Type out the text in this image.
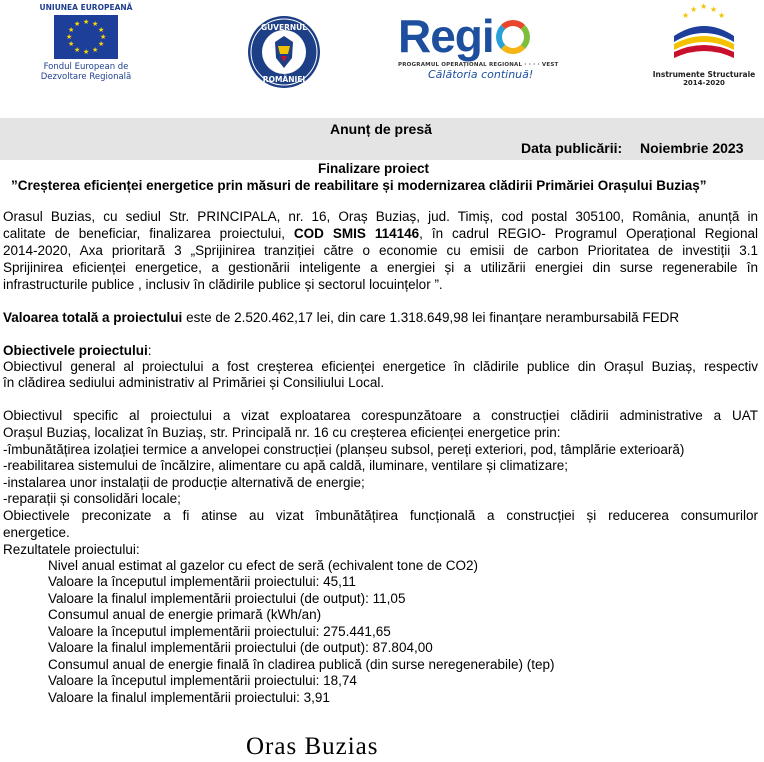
UNIUNEA EUROPEANĂ
★ ★
★
★
★
★
★
★
★
★
★
★
Fondul European de
Dezvoltare Regională
GUVERNUL
ROMÂNIEI
Regi
PROGRAMUL OPERAȚIONAL REGIONAL · · · · VEST
Călătoria continuă!
★ ★ ★
★	★
Instrumente Structurale
2014-2020
Anunț de presă
Data publicării: Noiembrie 2023
Finalizare proiect
”Creșterea eficienței energetice prin măsuri de reabilitare și modernizarea clădirii Primăriei Orașului Buziaș”
Orasul Buzias, cu sediul Str. PRINCIPALA, nr. 16, Oraș Buziaș, jud. Timiș, cod postal 305100, România, anunță in
calitate de beneficiar, finalizarea proiectului, COD SMIS 114146, în cadrul REGIO- Programul Operațional Regional
2014-2020, Axa prioritară 3 „Sprijinirea tranziției către o economie cu emisii de carbon Prioritatea de investiții 3.1
Sprijinirea eficienței energetice, a gestionării inteligente a energiei și a utilizării energiei din surse regenerabile în
infrastructurile publice , inclusiv în clădirile publice și sectorul locuințelor ”.
Valoarea totală a proiectului este de 2.520.462,17 lei, din care 1.318.649,98 lei finanțare nerambursabilă FEDR
Obiectivele proiectului:
Obiectivul general al proiectului a fost creșterea eficienței energetice în clădirile publice din Orașul Buziaș, respectiv
în clădirea sediului administrativ al Primăriei și Consiliului Local.
Obiectivul specific al proiectului a vizat exploatarea corespunzătoare a construcției clădirii administrative a UAT
Orașul Buziaș, localizat în Buziaș, str. Principală nr. 16 cu creșterea eficienței energetice prin:
-îmbunătățirea izolației termice a anvelopei construcției (planșeu subsol, pereți exteriori, pod, tâmplărie exterioară)
-reabilitarea sistemului de încălzire, alimentare cu apă caldă, iluminare, ventilare și climatizare;
-instalarea unor instalații de producție alternativă de energie;
-reparații și consolidări locale;
Obiectivele preconizate a fi atinse au vizat îmbunătățirea funcțională a construcției și reducerea consumurilor
energetice.
Rezultatele proiectului:
Nivel anual estimat al gazelor cu efect de seră (echivalent tone de CO2)
Valoare la începutul implementării proiectului: 45,11
Valoare la finalul implementării proiectului (de output): 11,05
Consumul anual de energie primară (kWh/an)
Valoare la începutul implementării proiectului: 275.441,65
Valoare la finalul implementării proiectului (de output): 87.804,00
Consumul anual de energie finală în cladirea publică (din surse neregenerabile) (tep)
Valoare la începutul implementării proiectului: 18,74
Valoare la finalul implementării proiectului: 3,91
Oras Buzias
